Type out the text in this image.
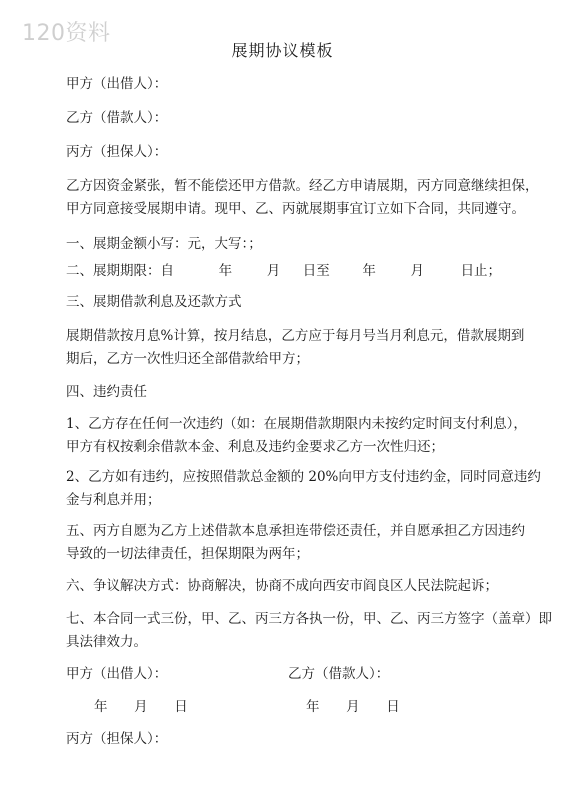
120资料
展期协议模板
甲方（出借人）：
乙方（借款人）：
丙方（担保人）：
乙方因资金紧张，暂不能偿还甲方借款。经乙方申请展期，丙方同意继续担保，
甲方同意接受展期申请。现甲、乙、丙就展期事宜订立如下合同，共同遵守。
一、展期金额小写：元，大写：；
二、展期期限：自	年	月 日至 年	月	日止；
三、展期借款利息及还款方式
展期借款按月息%计算，按月结息，乙方应于每月号当月利息元，借款展期到
期后，乙方一次性归还全部借款给甲方；
四、违约责任
1、乙方存在任何一次违约（如：在展期借款期限内未按约定时间支付利息），
甲方有权按剩余借款本金、利息及违约金要求乙方一次性归还；
2、乙方如有违约，应按照借款总金额的 20%向甲方支付违约金，同时同意违约
金与利息并用；
五、丙方自愿为乙方上述借款本息承担连带偿还责任，并自愿承担乙方因违约
导致的一切法律责任，担保期限为两年；
六、争议解决方式：协商解决，协商不成向西安市阎良区人民法院起诉；
七、本合同一式三份，甲、乙、丙三方各执一份，甲、乙、丙三方签字（盖章）即
具法律效力。
甲方（出借人）：	乙方（借款人）：
年 月 日	年 月 日
丙方（担保人）：
